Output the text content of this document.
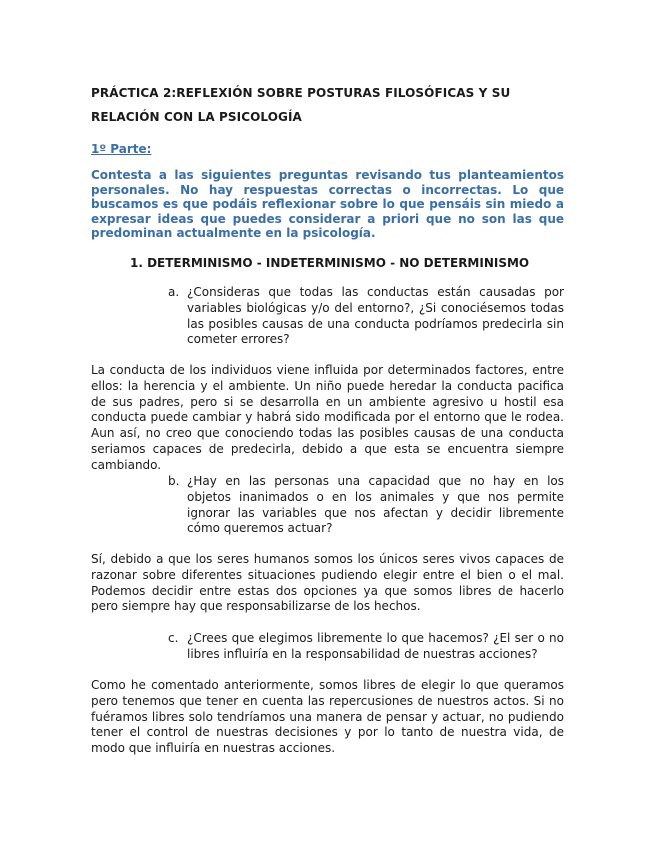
PRÁCTICA 2:REFLEXIÓN SOBRE POSTURAS FILOSÓFICAS Y SU
RELACIÓN CON LA PSICOLOGÍA
1º Parte:
Contesta a las siguientes preguntas revisando tus planteamientos personales. No hay respuestas correctas o incorrectas. Lo que buscamos es que podáis reflexionar sobre lo que pensáis sin miedo a expresar ideas que puedes considerar a priori que no son las que predominan actualmente en la psicología.
1. DETERMINISMO - INDETERMINISMO - NO DETERMINISMO
a. ¿Consideras que todas las conductas están causadas por variables biológicas y/o del entorno?, ¿Si conociésemos todas las posibles causas de una conducta podríamos predecirla sin cometer errores?
La conducta de los individuos viene influida por determinados factores, entre ellos: la herencia y el ambiente. Un niño puede heredar la conducta pacifica de sus padres, pero si se desarrolla en un ambiente agresivo u hostil esa conducta puede cambiar y habrá sido modificada por el entorno que le rodea. Aun así, no creo que conociendo todas las posibles causas de una conducta seriamos capaces de predecirla, debido a que esta se encuentra siempre cambiando.
b. ¿Hay en las personas una capacidad que no hay en los objetos inanimados o en los animales y que nos permite ignorar las variables que nos afectan y decidir libremente cómo queremos actuar?
Sí, debido a que los seres humanos somos los únicos seres vivos capaces de razonar sobre diferentes situaciones pudiendo elegir entre el bien o el mal. Podemos decidir entre estas dos opciones ya que somos libres de hacerlo pero siempre hay que responsabilizarse de los hechos.
c. ¿Crees que elegimos libremente lo que hacemos? ¿El ser o no libres influiría en la responsabilidad de nuestras acciones?
Como he comentado anteriormente, somos libres de elegir lo que queramos pero tenemos que tener en cuenta las repercusiones de nuestros actos. Si no fuéramos libres solo tendríamos una manera de pensar y actuar, no pudiendo tener el control de nuestras decisiones y por lo tanto de nuestra vida, de modo que influiría en nuestras acciones.
